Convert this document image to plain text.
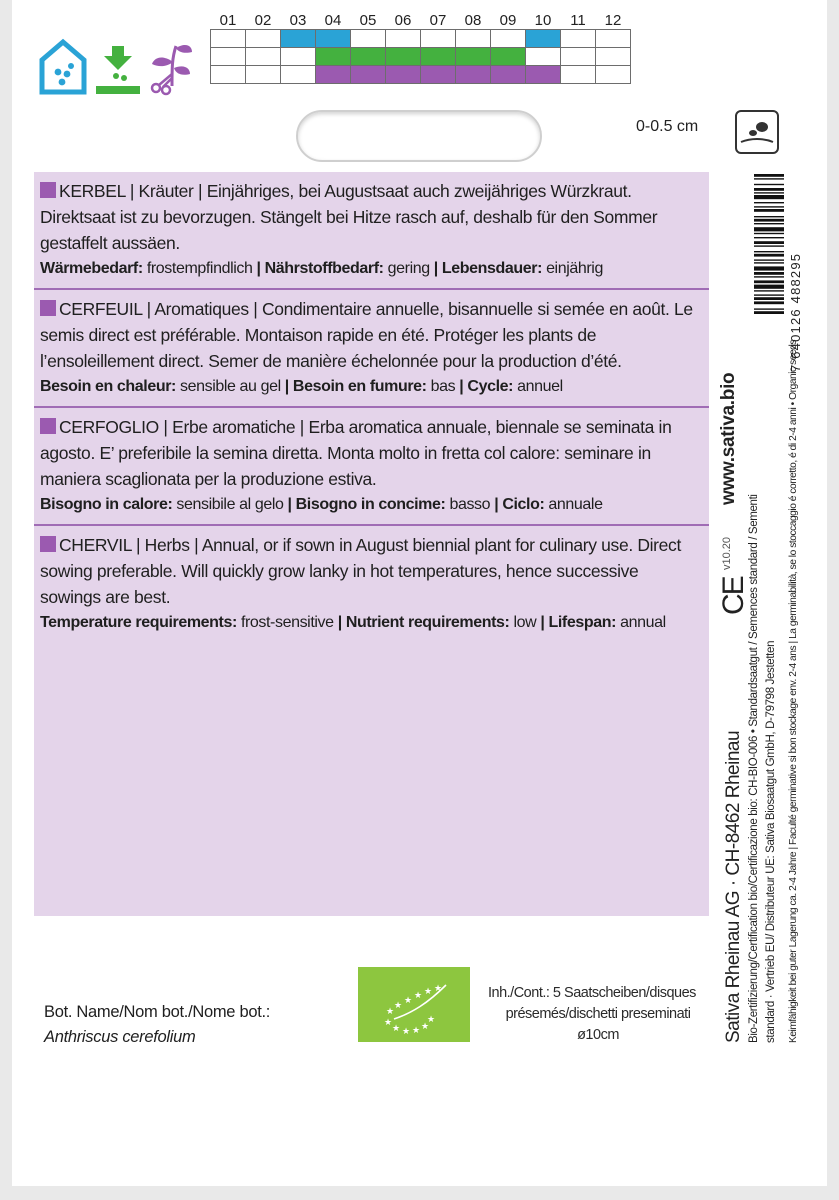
01	02	03	04	05	06	07	08	09	10	11	12

0-0.5 cm
KERBEL | Kräuter | Einjähriges, bei Augustsaat auch zweijähriges Würzkraut. Direktsaat ist zu bevorzugen. Stängelt bei Hitze rasch auf, deshalb für den Sommer gestaffelt aussäen.
Wärmebedarf: frostempfindlich | Nährstoffbedarf: gering | Lebensdauer: einjährig
CERFEUIL | Aromatiques | Condimentaire annuelle, bisannuelle si semée en août. Le semis direct est préférable. Montaison rapide en été. Protéger les plants de l’ensoleillement direct. Semer de manière échelonnée pour la production d’été.
Besoin en chaleur: sensible au gel | Besoin en fumure: bas | Cycle: annuel
CERFOGLIO | Erbe aromatiche | Erba aromatica annuale, biennale se seminata in agosto. E’ preferibile la semina diretta. Monta molto in fretta col calore: seminare in maniera scaglionata per la produzione estiva.
Bisogno in calore: sensibile al gelo | Bisogno in concime: basso | Ciclo: annuale
CHERVIL | Herbs | Annual, or if sown in August biennial plant for culinary use. Direct sowing preferable. Will quickly grow lanky in hot temperatures, hence successive sowings are best.
Temperature requirements: frost-sensitive | Nutrient requirements: low | Lifespan: annual
Bot. Name/Nom bot./Nome bot.:
Anthriscus cerefolium
★
★ ★ ★ ★
★
★
★ ★ ★ ★ ★	Inh./Cont.: 5 Saatscheiben/disques
présemés/dischetti preseminati
ø10cm	Sativa Rheinau AG · CH-8462 Rheinau Bio-Zertifizierung/Certification bio/Certificazione bio: CH-BIO-006 • Standardsaatgut / Semences standard / Sementi standard · Vertrieb EU/ Distributeur UE: Sativa Biosaatgut GmbH, D-79798 Jestetten Keimfähigkeit bei guter Lagerung ca. 2-4 Jahre | Faculté germinative si bon stockage env. 2-4 ans | La germinabilità, se lo stoccaggio é corretto, é di 2-4 anni • Organic seeds
www.sativa.bio
v10.20
CE
7 640126 488295
